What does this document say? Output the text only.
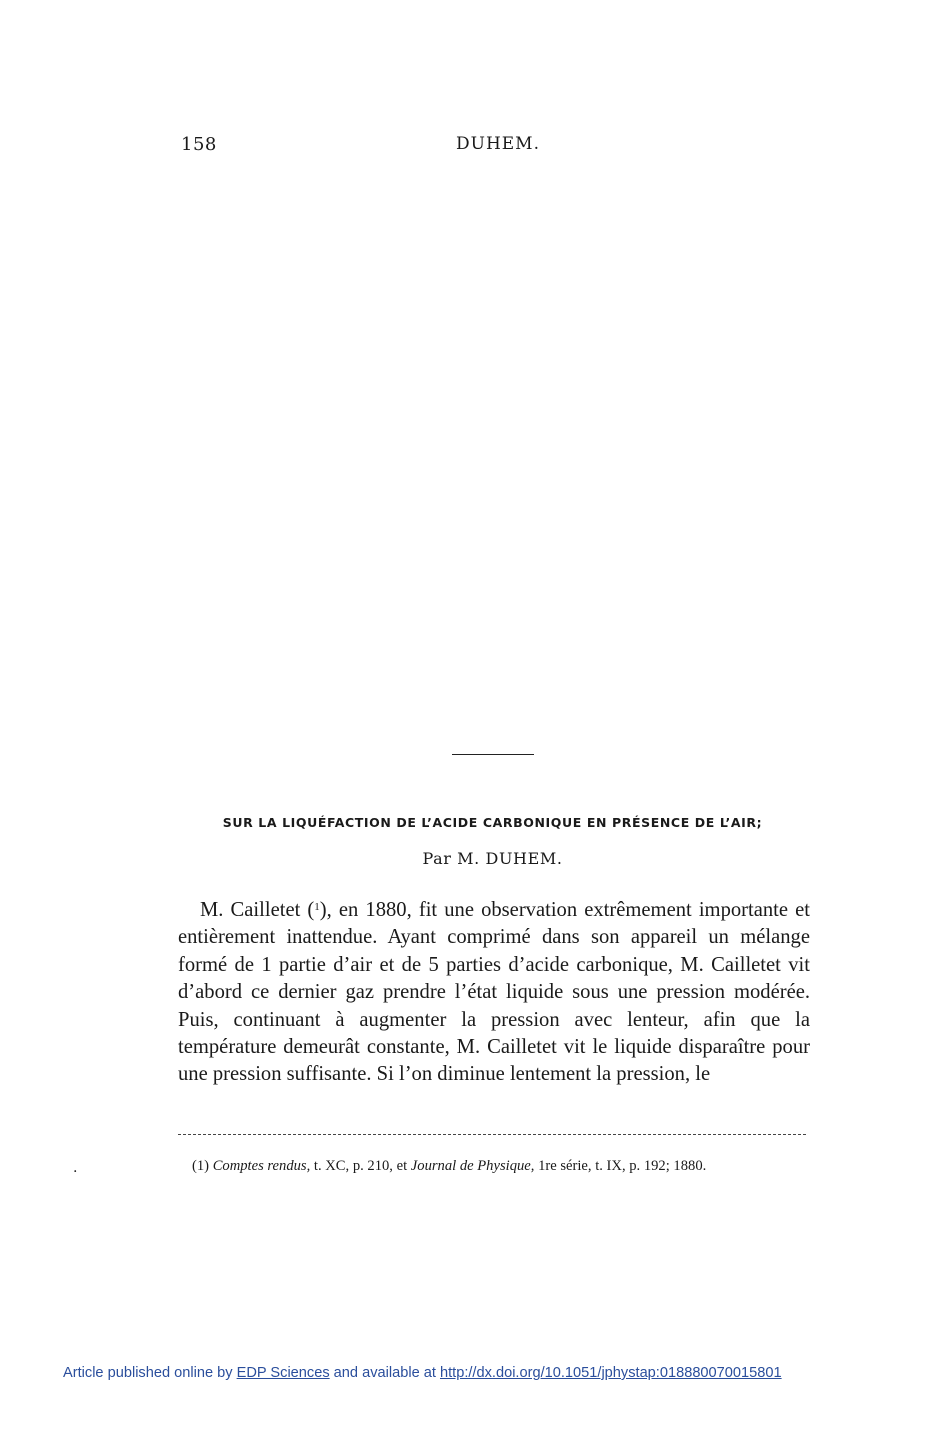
158	DUHEM.
SUR LA LIQUÉFACTION DE L’ACIDE CARBONIQUE EN PRÉSENCE DE L’AIR;
Par M. DUHEM.

M. Cailletet ($^1$), en 1880, fit une observation extrêmement importante et entièrement inattendue. Ayant comprimé dans son appareil un mélange formé de 1 partie d’air et de 5 parties d’acide carbonique, M. Cailletet vit d’abord ce dernier gaz prendre l’état liquide sous une pression modérée. Puis, continuant à augmenter la pression avec lenteur, afin que la température demeurât constante, M. Cailletet vit le liquide disparaître pour une pression suffisante. Si l’on diminue lentement la pression, le

.	(1) Comptes rendus, t. XC, p. 210, et Journal de Physique, 1re série, t. IX, p. 192; 1880.

Article published online by EDP Sciences and available at http://dx.doi.org/10.1051/jphystap:018880070015801
